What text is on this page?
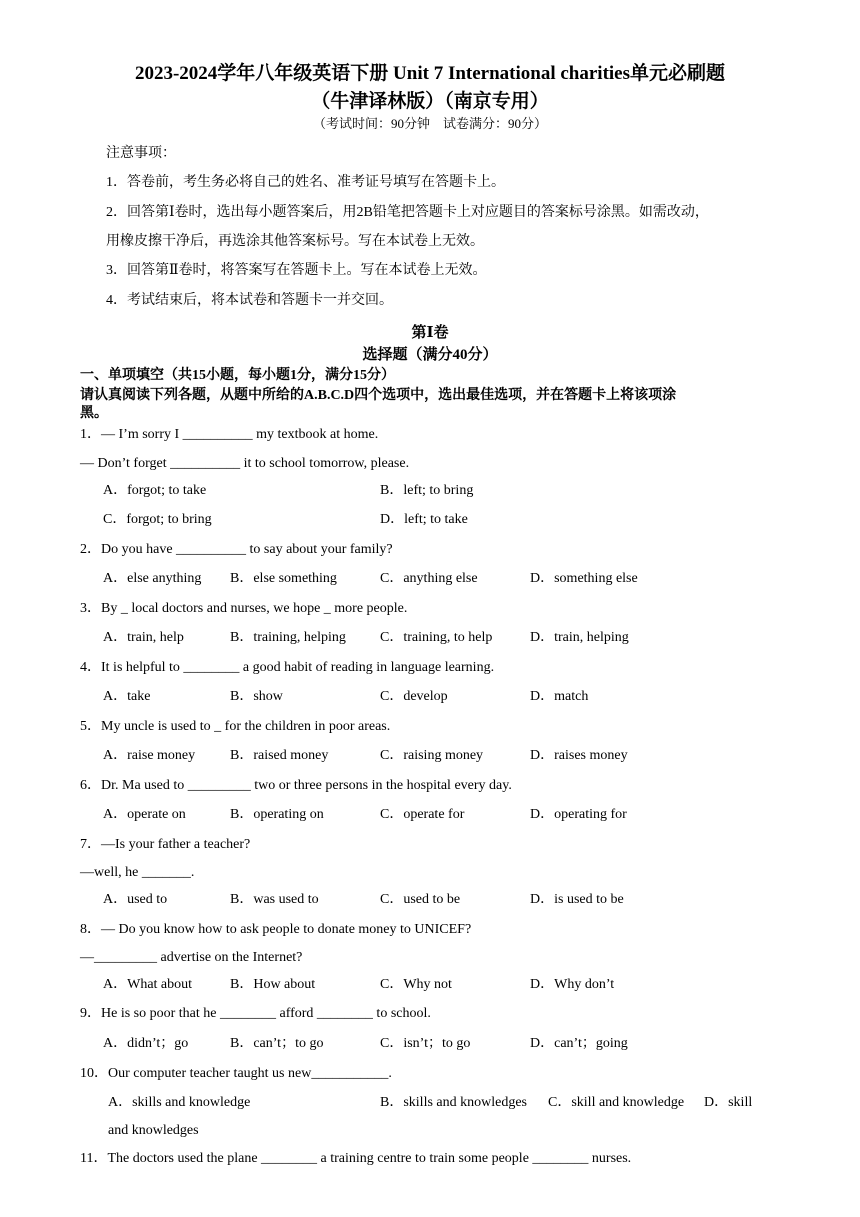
2023-2024学年八年级英语下册 Unit 7 International charities单元必刷题
（牛津译林版）（南京专用）
（考试时间：90分钟　试卷满分：90分）
注意事项：
1．答卷前，考生务必将自己的姓名、准考证号填写在答题卡上。
2．回答第Ⅰ卷时，选出每小题答案后，用2B铅笔把答题卡上对应题目的答案标号涂黑。如需改动，
用橡皮擦干净后，再选涂其他答案标号。写在本试卷上无效。
3．回答第Ⅱ卷时，将答案写在答题卡上。写在本试卷上无效。
4．考试结束后，将本试卷和答题卡一并交回。
第Ⅰ卷
选择题（满分40分）
一、单项填空（共15小题，每小题1分，满分15分）
请认真阅读下列各题，从题中所给的A.B.C.D四个选项中，选出最佳选项，并在答题卡上将该项涂
黑。
1．— I’m sorry I __________ my textbook at home.
— Don’t forget __________ it to school tomorrow, please.
A．forgot; to take	B．left; to bring
C．forgot; to bring	D．left; to take
2．Do you have __________ to say about your family?
A．else anything B．else something	C．anything else	D．something else
3．By _ local doctors and nurses, we hope _ more people.
A．train, help	B．training, helping C．training, to help	D．train, helping
4．It is helpful to ________ a good habit of reading in language learning.
A．take	B．show	C．develop	D．match
5．My uncle is used to _ for the children in poor areas.
A．raise money B．raised money	C．raising money	D．raises money
6．Dr. Ma used to _________ two or three persons in the hospital every day.
A．operate on	B．operating on	C．operate for	D．operating for
7．—Is your father a teacher?
—well, he _______.
A．used to	B．was used to	C．used to be	D．is used to be
8．— Do you know how to ask people to donate money to UNICEF?
—_________ advertise on the Internet?
A．What about	B．How about	C．Why not	D．Why don’t
9．He is so poor that he ________ afford ________ to school.
A．didn’t；go	B．can’t；to go	C．isn’t；to go	D．can’t；going
10．Our computer teacher taught us new___________.
A．skills and knowledge	B．skills and knowledges C．skill and knowledge D．skill
and knowledges
11．The doctors used the plane ________ a training centre to train some people ________ nurses.
